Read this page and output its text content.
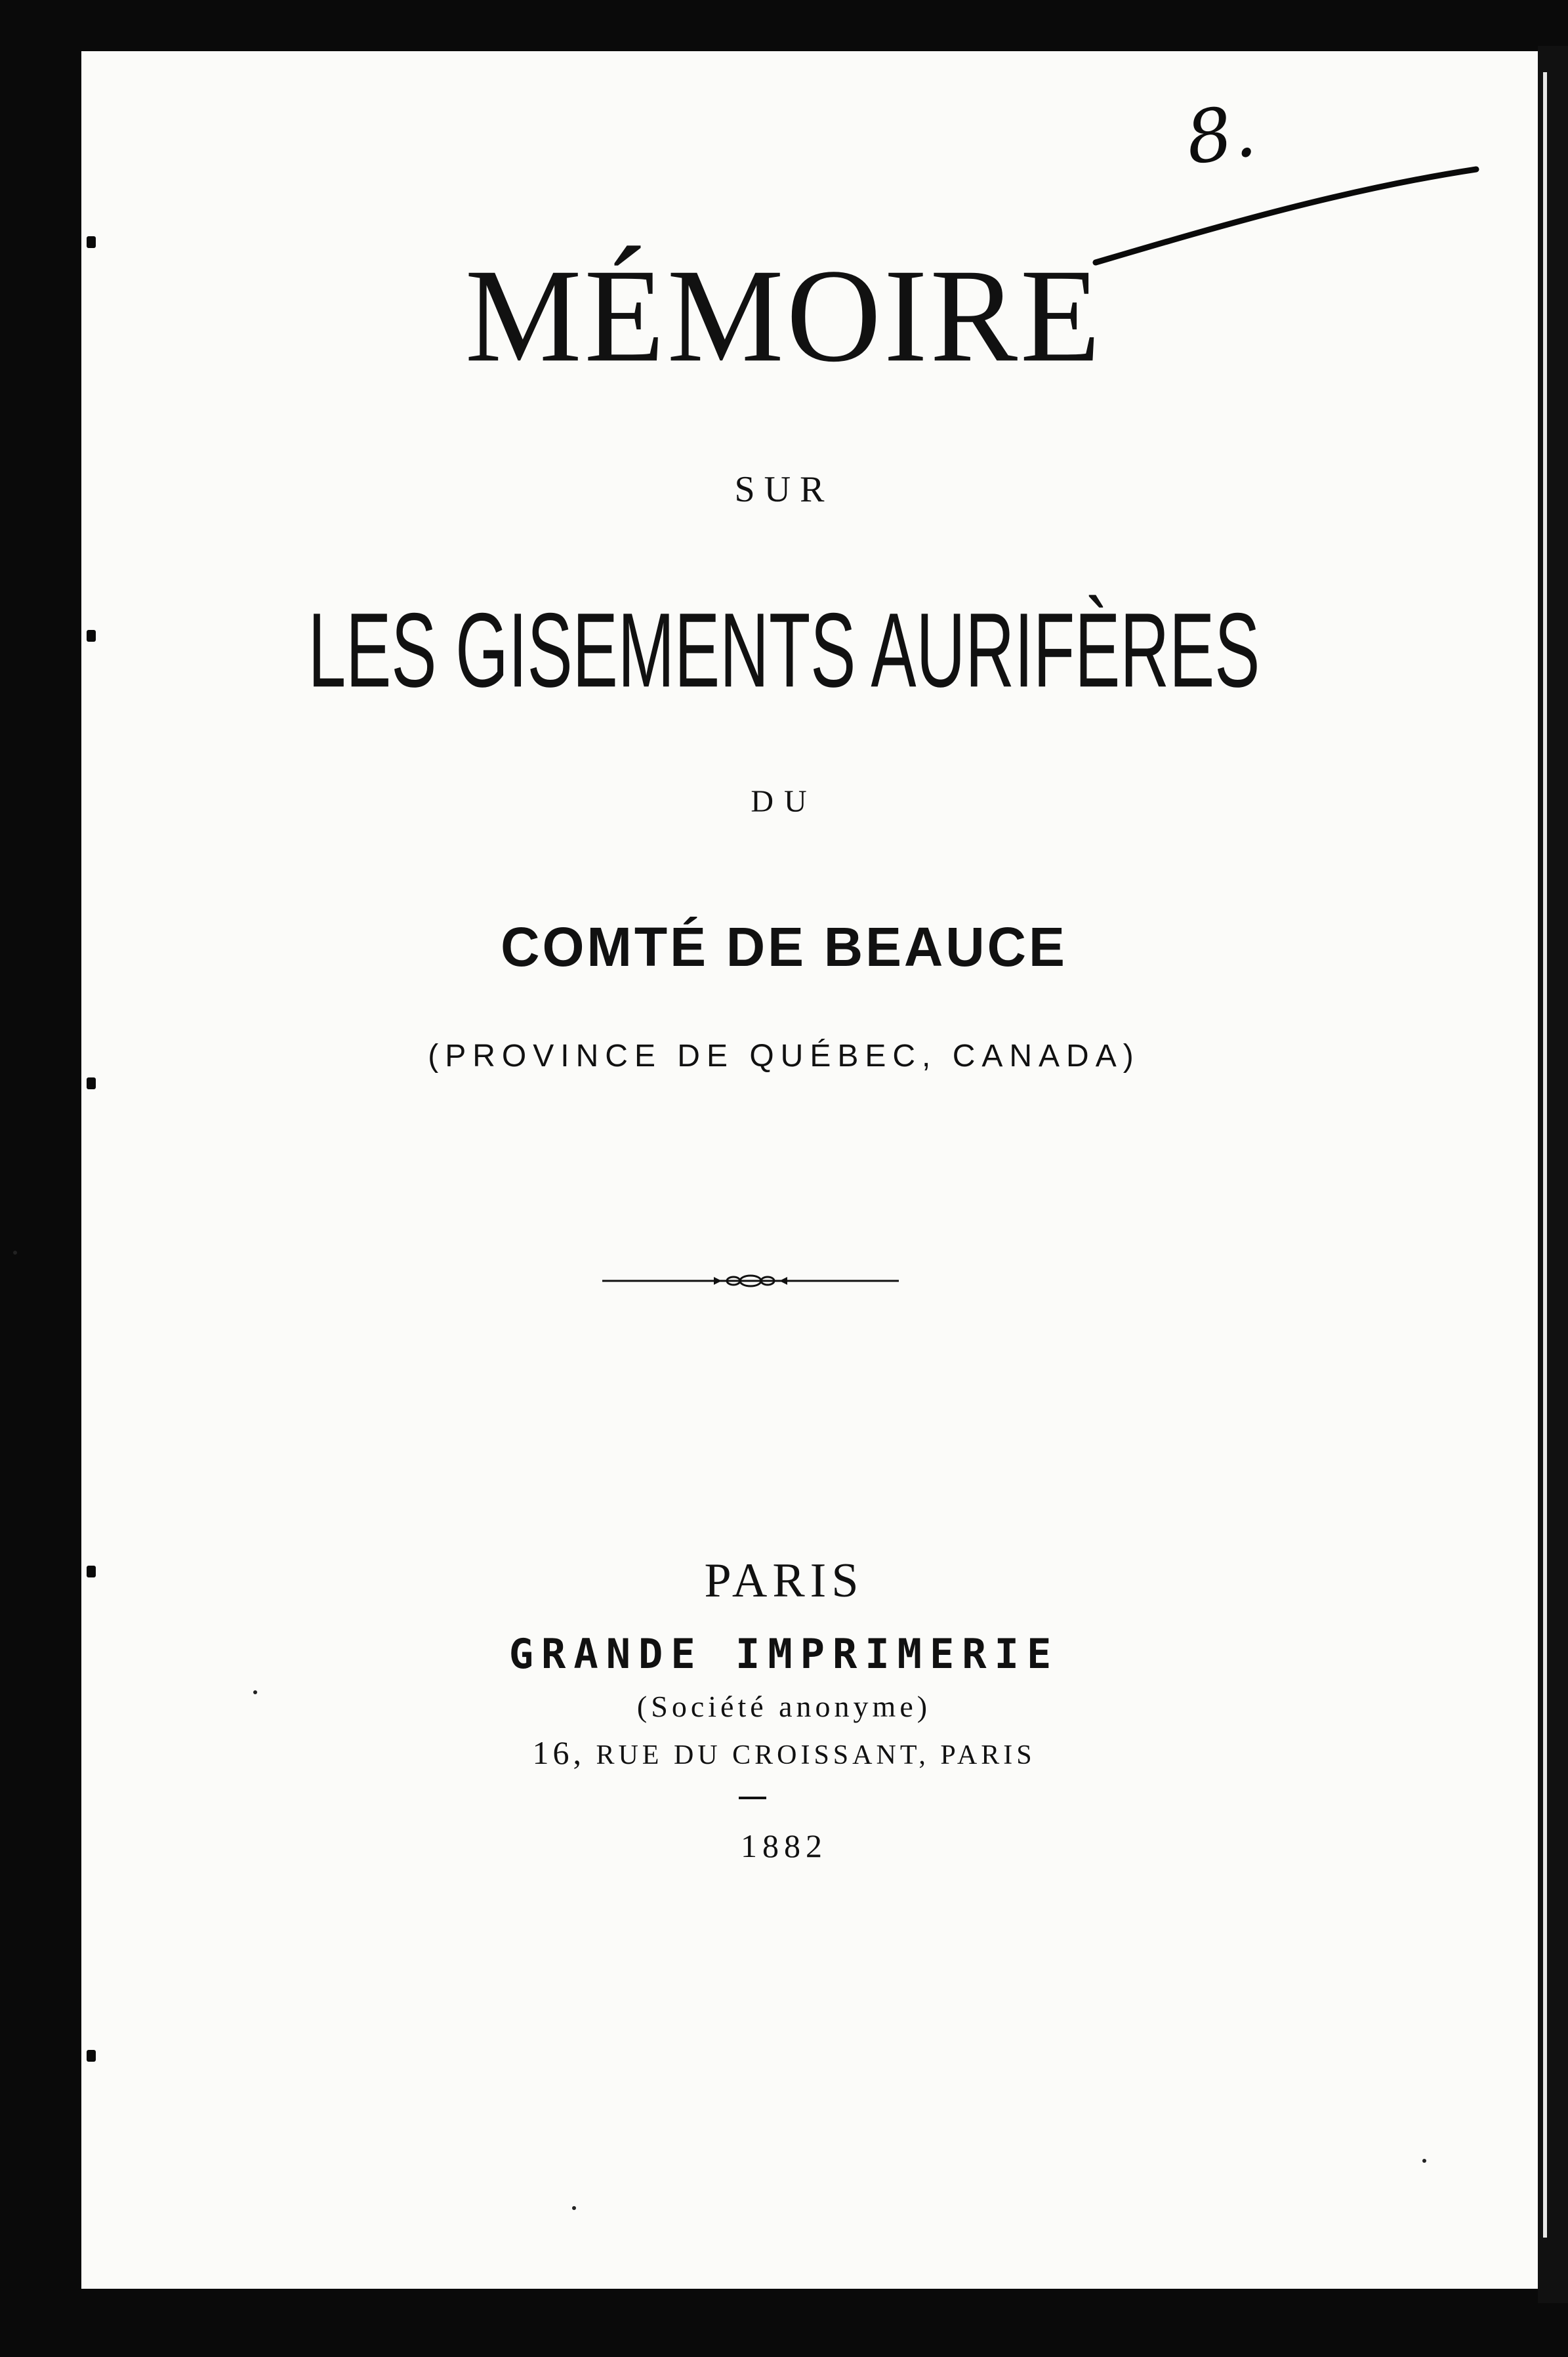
8.
MÉMOIRE
SUR
LES GISEMENTS AURIFÈRES
DU
COMTÉ DE BEAUCE
(PROVINCE DE QUÉBEC, CANADA)
PARIS
GRANDE IMPRIMERIE
(Société anonyme)
16, RUE DU CROISSANT, PARIS
1882
